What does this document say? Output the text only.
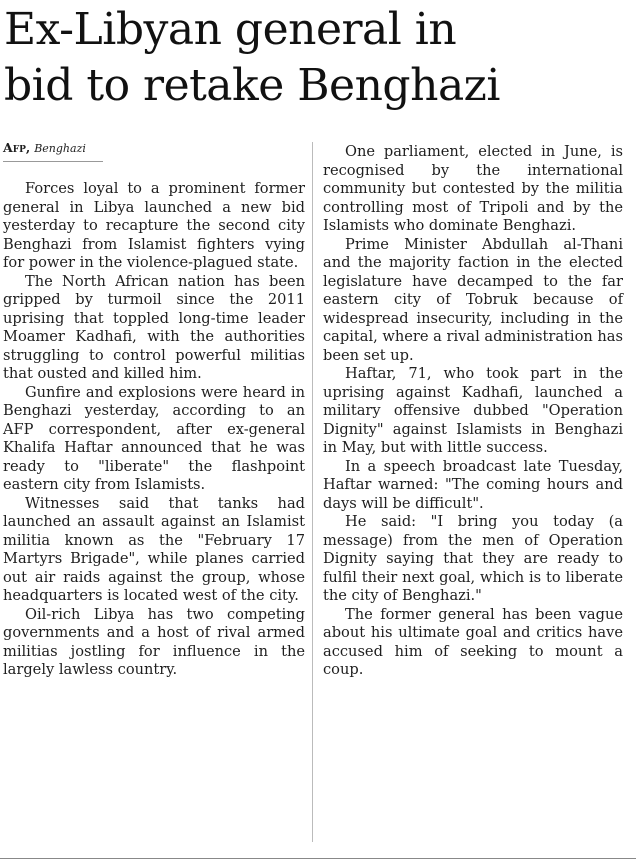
Ex-Libyan general in
bid to retake Benghazi
Afp, Benghazi

Forces loyal to a prominent former general in Libya launched a new bid yesterday to recapture the second city Benghazi from Islamist fighters vying for power in the violence-plagued state.

The North African nation has been gripped by turmoil since the 2011 uprising that toppled long-time leader Moamer Kadhafi, with the authorities struggling to control powerful militias that ousted and killed him.

Gunfire and explosions were heard in Benghazi yesterday, according to an AFP correspondent, after ex-general Khalifa Haftar announced that he was ready to "liberate" the flashpoint eastern city from Islamists.

Witnesses said that tanks had launched an assault against an Islamist militia known as the "February 17 Martyrs Brigade", while planes carried out air raids against the group, whose headquarters is located west of the city.

Oil-rich Libya has two competing governments and a host of rival armed militias jostling for influence in the largely lawless country.

One parliament, elected in June, is recognised by the international community but contested by the militia controlling most of Tripoli and by the Islamists who dominate Benghazi.

Prime Minister Abdullah al-Thani and the majority faction in the elected legislature have decamped to the far eastern city of Tobruk because of widespread insecurity, including in the capital, where a rival administration has been set up.

Haftar, 71, who took part in the uprising against Kadhafi, launched a military offensive dubbed "Operation Dignity" against Islamists in Benghazi in May, but with little success.

In a speech broadcast late Tuesday, Haftar warned: "The coming hours and days will be difficult".

He said: "I bring you today (a message) from the men of Operation Dignity saying that they are ready to fulfil their next goal, which is to liberate the city of Benghazi."

The former general has been vague about his ultimate goal and critics have accused him of seeking to mount a coup.
